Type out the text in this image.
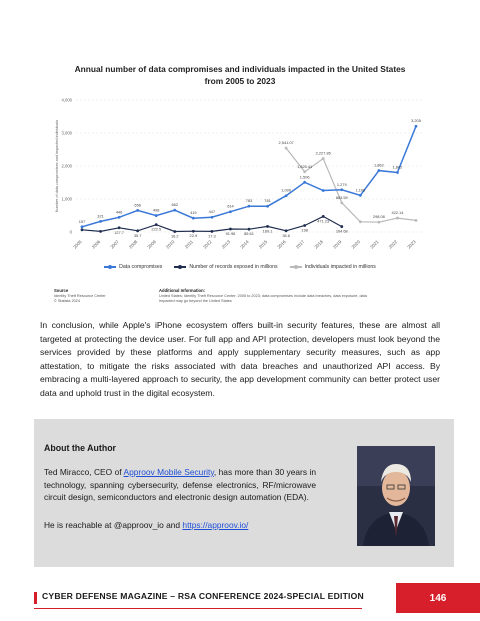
Annual number of data compromises and individuals impacted in the United States
from 2005 to 2023
0
1,000
2,000
3,000
4,000
Number of data compromises and impacted individuals
2005 2006 2007 2008 2009 2010 2011 2012 2013 2014 2015 2016 2017 2018 2019 2020 2021 2022 2023
2,541.07
1,825.41
2,227.85
883.59
298.08
422.14
127.7
35.7
222.5
16.2	22.9	17.3	91.98 85.61
169.1
36.6
198
471.23
164.68
157
321
446
656
498
662
419	447
614
783	781
1,099
1,506
1,279
1,108
1,862 1,802
3,205
Data compromises	Number of records exposed in millions	Individuals impacted in millions
Source
Identity Theft Resource Center
© Statista 2024
Additional Information:
United States; Identity Theft Resource Center; 2005 to 2023; data compromises include data breaches, data exposure, data
Impacted may go beyond the United States
In conclusion, while Apple's iPhone ecosystem offers built-in security features, these are almost all targeted at protecting the device user. For full app and API protection, developers must look beyond the services provided by these platforms and apply supplementary security measures, such as app attestation, to mitigate the risks associated with data breaches and unauthorized API access. By embracing a multi-layered approach to security, the app development community can better protect user data and uphold trust in the digital ecosystem.
About the Author
Ted Miracco, CEO of Approov Mobile Security, has more than 30 years in technology, spanning cybersecurity, defense electronics, RF/microwave circuit design, semiconductors and electronic design automation (EDA).
He is reachable at @approov_io and https://approov.io/
CYBER DEFENSE MAGAZINE – RSA CONFERENCE 2024-SPECIAL EDITION	146
